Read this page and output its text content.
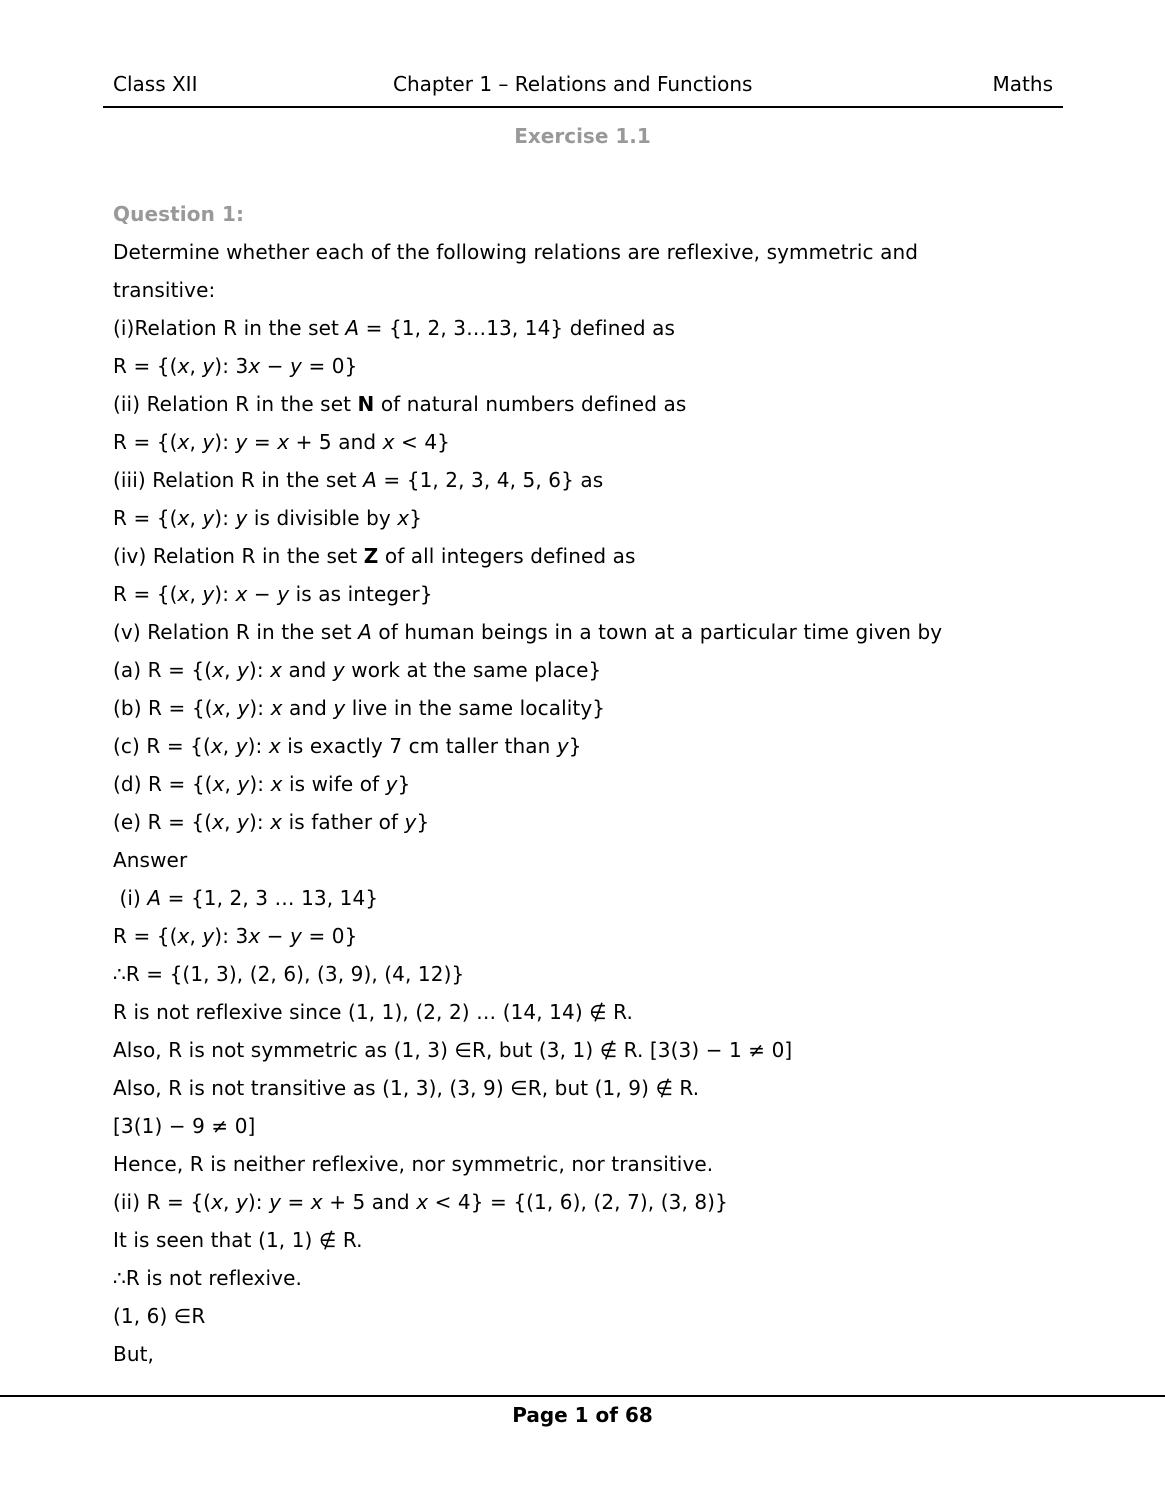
Class XII	Chapter 1 – Relations and Functions	Maths
Exercise 1.1
Question 1:
Determine whether each of the following relations are reflexive, symmetric and
transitive:
(i)Relation R in the set A = {1, 2, 3…13, 14} defined as
R = {(x, y): 3x − y = 0}
(ii) Relation R in the set N of natural numbers defined as
R = {(x, y): y = x + 5 and x < 4}
(iii) Relation R in the set A = {1, 2, 3, 4, 5, 6} as
R = {(x, y): y is divisible by x}
(iv) Relation R in the set Z of all integers defined as
R = {(x, y): x − y is as integer}
(v) Relation R in the set A of human beings in a town at a particular time given by
(a) R = {(x, y): x and y work at the same place}
(b) R = {(x, y): x and y live in the same locality}
(c) R = {(x, y): x is exactly 7 cm taller than y}
(d) R = {(x, y): x is wife of y}
(e) R = {(x, y): x is father of y}
Answer
(i) A = {1, 2, 3 … 13, 14}
R = {(x, y): 3x − y = 0}
∴R = {(1, 3), (2, 6), (3, 9), (4, 12)}
R is not reflexive since (1, 1), (2, 2) … (14, 14) ∉ R.
Also, R is not symmetric as (1, 3) ∈R, but (3, 1) ∉ R. [3(3) − 1 ≠ 0]
Also, R is not transitive as (1, 3), (3, 9) ∈R, but (1, 9) ∉ R.
[3(1) − 9 ≠ 0]
Hence, R is neither reflexive, nor symmetric, nor transitive.
(ii) R = {(x, y): y = x + 5 and x < 4} = {(1, 6), (2, 7), (3, 8)}
It is seen that (1, 1) ∉ R.
∴R is not reflexive.
(1, 6) ∈R
But,
Page 1 of 68
